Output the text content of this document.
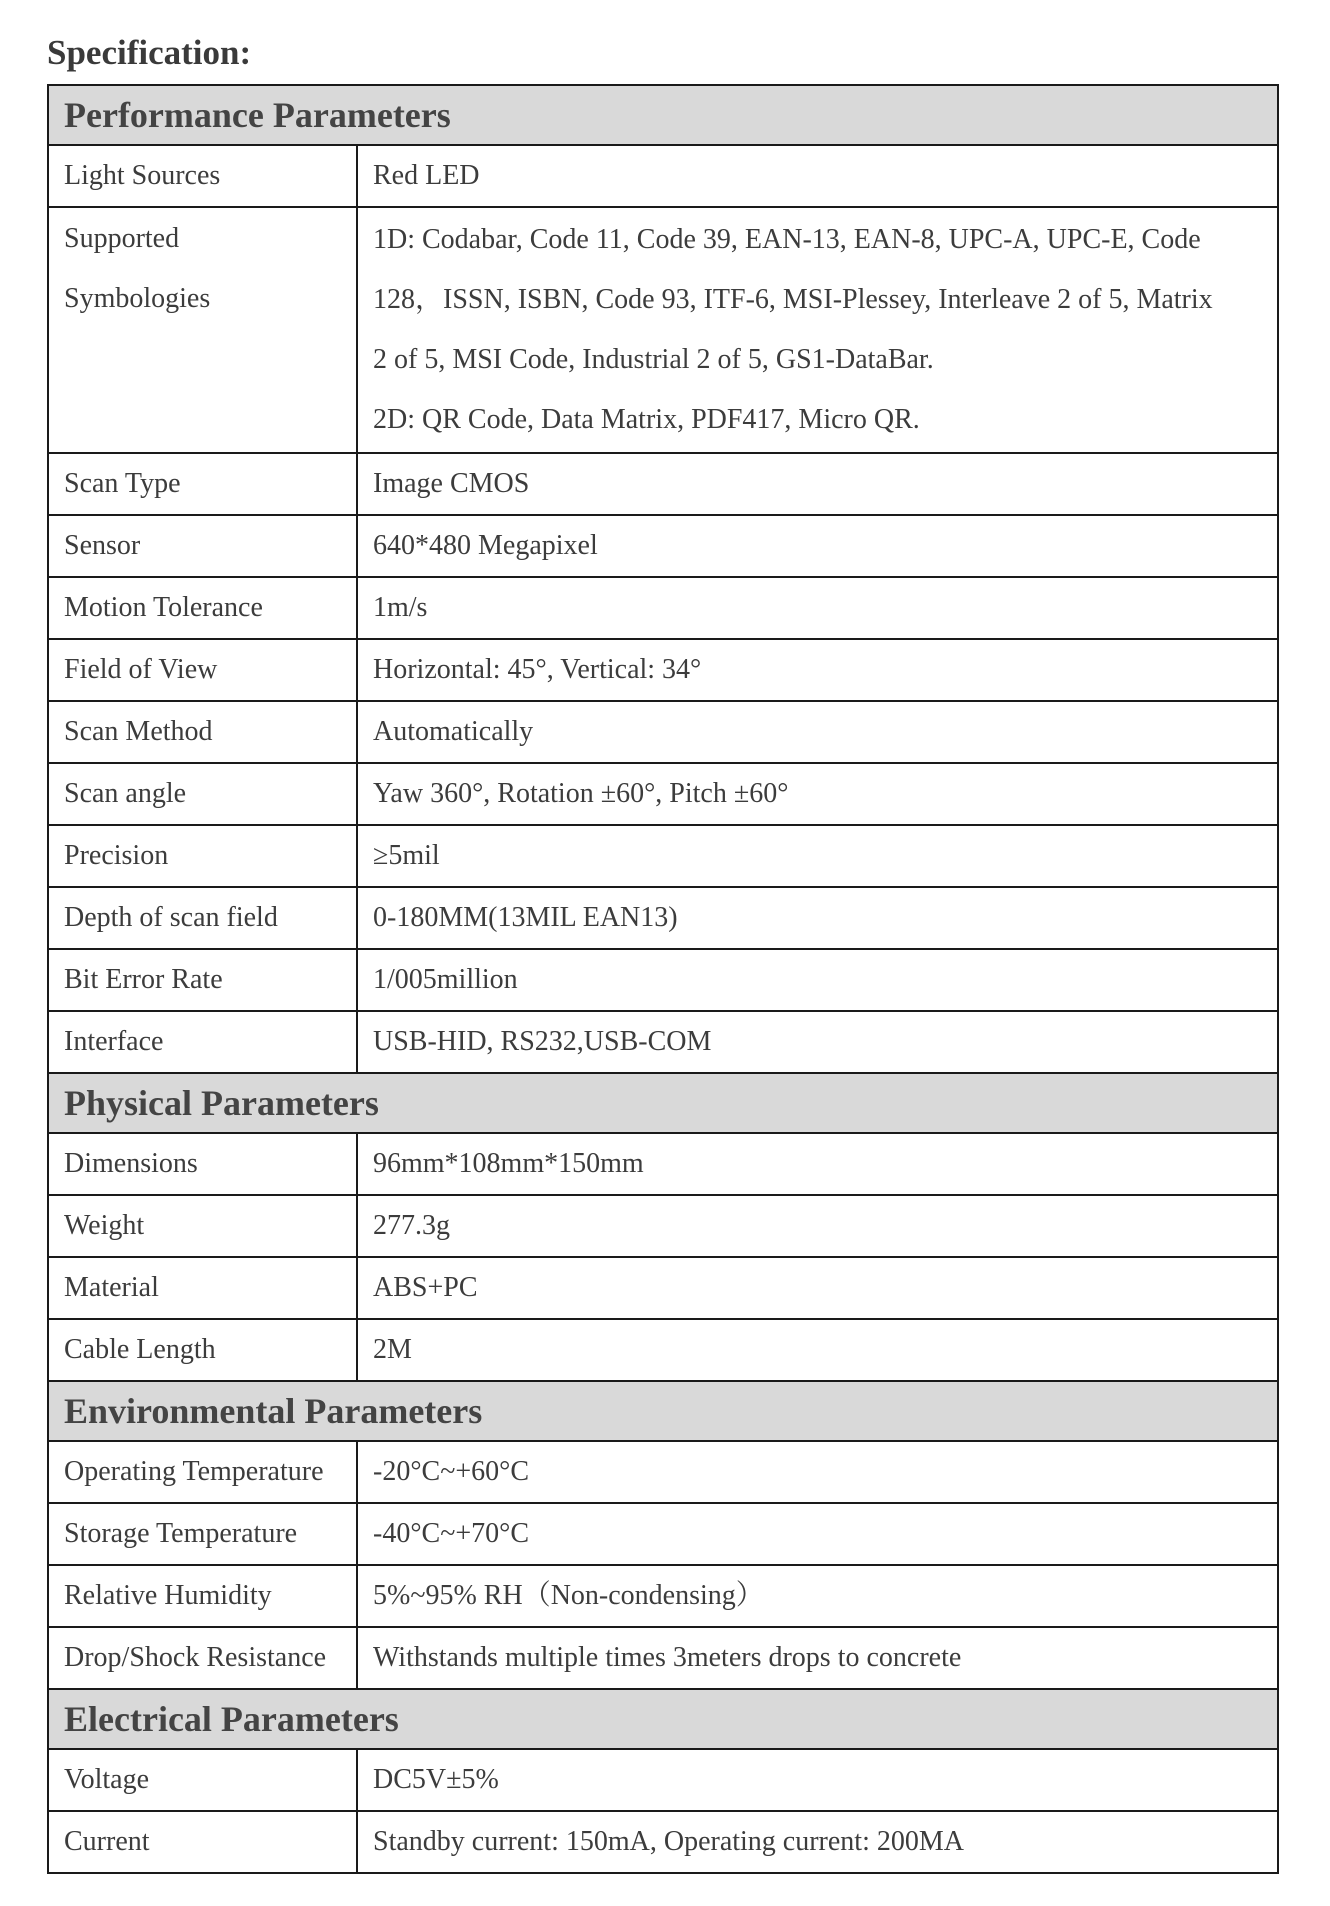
Specification:
Performance Parameters	
Light Sources	Red LED

Supported
Symbologies	1D: Codabar, Code 11, Code 39, EAN-13, EAN-8, UPC-A, UPC-E, Code
128，ISSN, ISBN, Code 93, ITF-6, MSI-Plessey, Interleave 2 of 5, Matrix
2 of 5, MSI Code, Industrial 2 of 5, GS1-DataBar.
2D: QR Code, Data Matrix, PDF417, Micro QR.

Scan Type	Image CMOS
Sensor	640*480 Megapixel
Motion Tolerance	1m/s
Field of View	Horizontal: 45°, Vertical: 34°
Scan Method	Automatically
Scan angle	Yaw 360°, Rotation ±60°, Pitch ±60°
Precision	≥5mil
Depth of scan field	0-180MM(13MIL EAN13)
Bit Error Rate	1/005million
Interface	USB-HID, RS232,USB-COM
Physical Parameters	
Dimensions	96mm*108mm*150mm
Weight	277.3g
Material	ABS+PC
Cable Length	2M
Environmental Parameters	
Operating Temperature	-20°C~+60°C
Storage Temperature	-40°C~+70°C
Relative Humidity	5%~95% RH（Non-condensing）
Drop/Shock Resistance	Withstands multiple times 3meters drops to concrete
Electrical Parameters	
Voltage	DC5V±5%
Current	Standby current: 150mA, Operating current: 200MA
